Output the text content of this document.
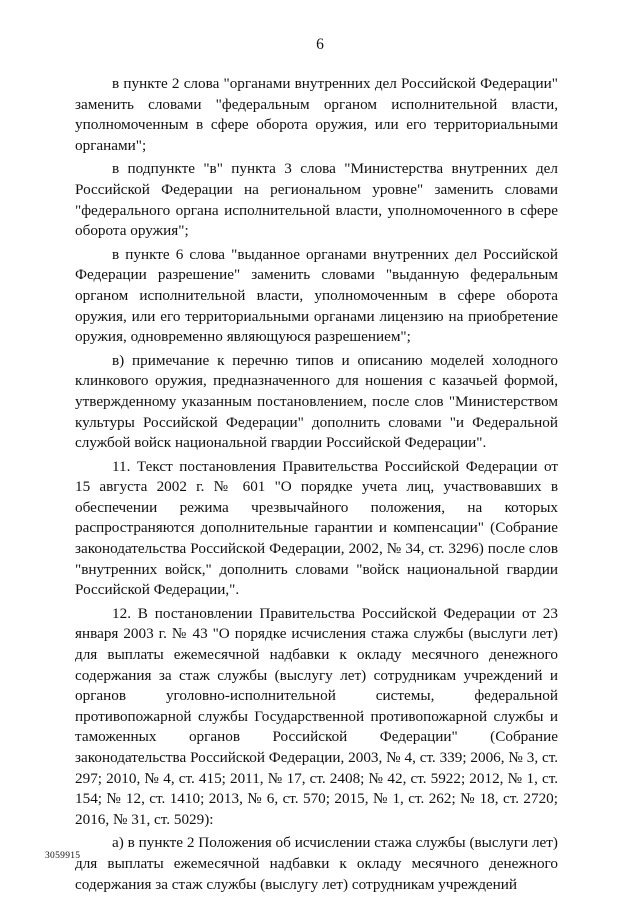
6

в пункте 2 слова "органами внутренних дел Российской Федерации" заменить словами "федеральным органом исполнительной власти, уполномоченным в сфере оборота оружия, или его территориальными органами";

в подпункте "в" пункта 3 слова "Министерства внутренних дел Российской Федерации на региональном уровне" заменить словами "федерального органа исполнительной власти, уполномоченного в сфере оборота оружия";

в пункте 6 слова "выданное органами внутренних дел Российской Федерации разрешение" заменить словами "выданную федеральным органом исполнительной власти, уполномоченным в сфере оборота оружия, или его территориальными органами лицензию на приобретение оружия, одновременно являющуюся разрешением";

в) примечание к перечню типов и описанию моделей холодного клинкового оружия, предназначенного для ношения с казачьей формой, утвержденному указанным постановлением, после слов "Министерством культуры Российской Федерации" дополнить словами "и Федеральной службой войск национальной гвардии Российской Федерации".

11. Текст постановления Правительства Российской Федерации от 15 августа 2002 г. № 601 "О порядке учета лиц, участвовавших в обеспечении режима чрезвычайного положения, на которых распространяются дополнительные гарантии и компенсации" (Собрание законодательства Российской Федерации, 2002, № 34, ст. 3296) после слов "внутренних войск," дополнить словами "войск национальной гвардии Российской Федерации,".

12. В постановлении Правительства Российской Федерации от 23 января 2003 г. № 43 "О порядке исчисления стажа службы (выслуги лет) для выплаты ежемесячной надбавки к окладу месячного денежного содержания за стаж службы (выслугу лет) сотрудникам учреждений и органов уголовно-исполнительной системы, федеральной противопожарной службы Государственной противопожарной службы и таможенных органов Российской Федерации" (Собрание законодательства Российской Федерации, 2003, № 4, ст. 339; 2006, № 3, ст. 297; 2010, № 4, ст. 415; 2011, № 17, ст. 2408; № 42, ст. 5922; 2012, № 1, ст. 154; № 12, ст. 1410; 2013, № 6, ст. 570; 2015, № 1, ст. 262; № 18, ст. 2720; 2016, № 31, ст. 5029):

а) в пункте 2 Положения об исчислении стажа службы (выслуги лет) для выплаты ежемесячной надбавки к окладу месячного денежного содержания за стаж службы (выслугу лет) сотрудникам учреждений

3059915
